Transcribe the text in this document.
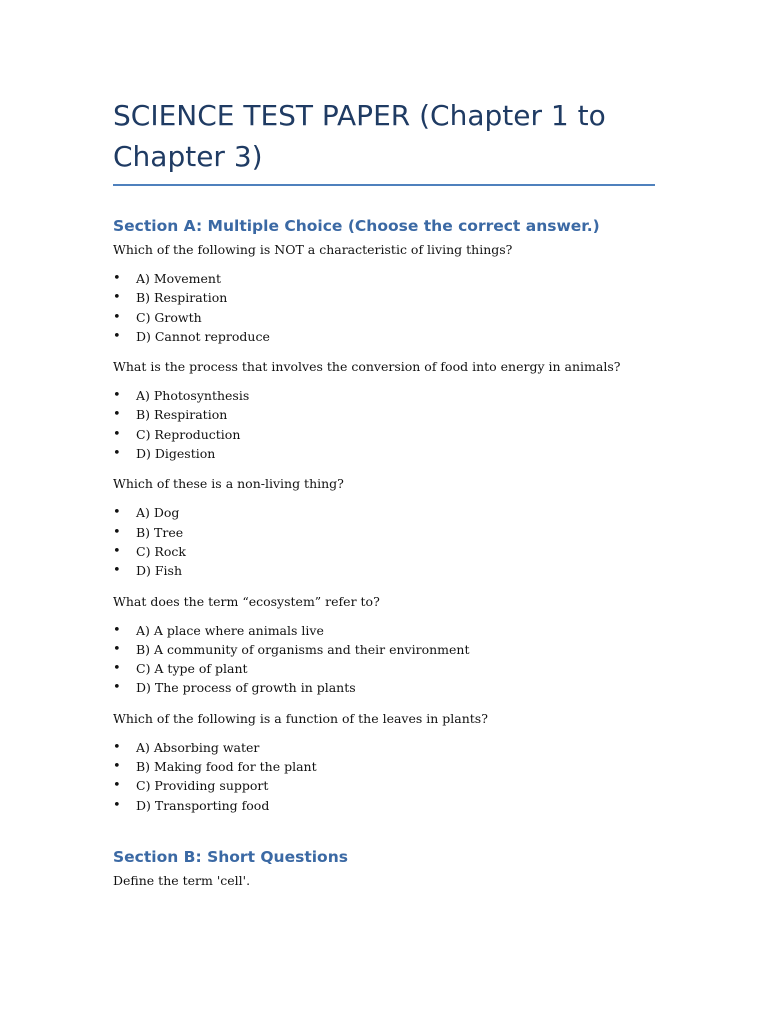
SCIENCE TEST PAPER (Chapter 1 to Chapter 3)
Section A: Multiple Choice (Choose the correct answer.)

Which of the following is NOT a characteristic of living things?

• A) Movement
• B) Respiration
• C) Growth
• D) Cannot reproduce

What is the process that involves the conversion of food into energy in animals?

• A) Photosynthesis
• B) Respiration
• C) Reproduction
• D) Digestion

Which of these is a non-living thing?

• A) Dog
• B) Tree
• C) Rock
• D) Fish

What does the term “ecosystem” refer to?

• A) A place where animals live
• B) A community of organisms and their environment
• C) A type of plant
• D) The process of growth in plants

Which of the following is a function of the leaves in plants?

• A) Absorbing water
• B) Making food for the plant
• C) Providing support
• D) Transporting food
Section B: Short Questions

Define the term 'cell'.
